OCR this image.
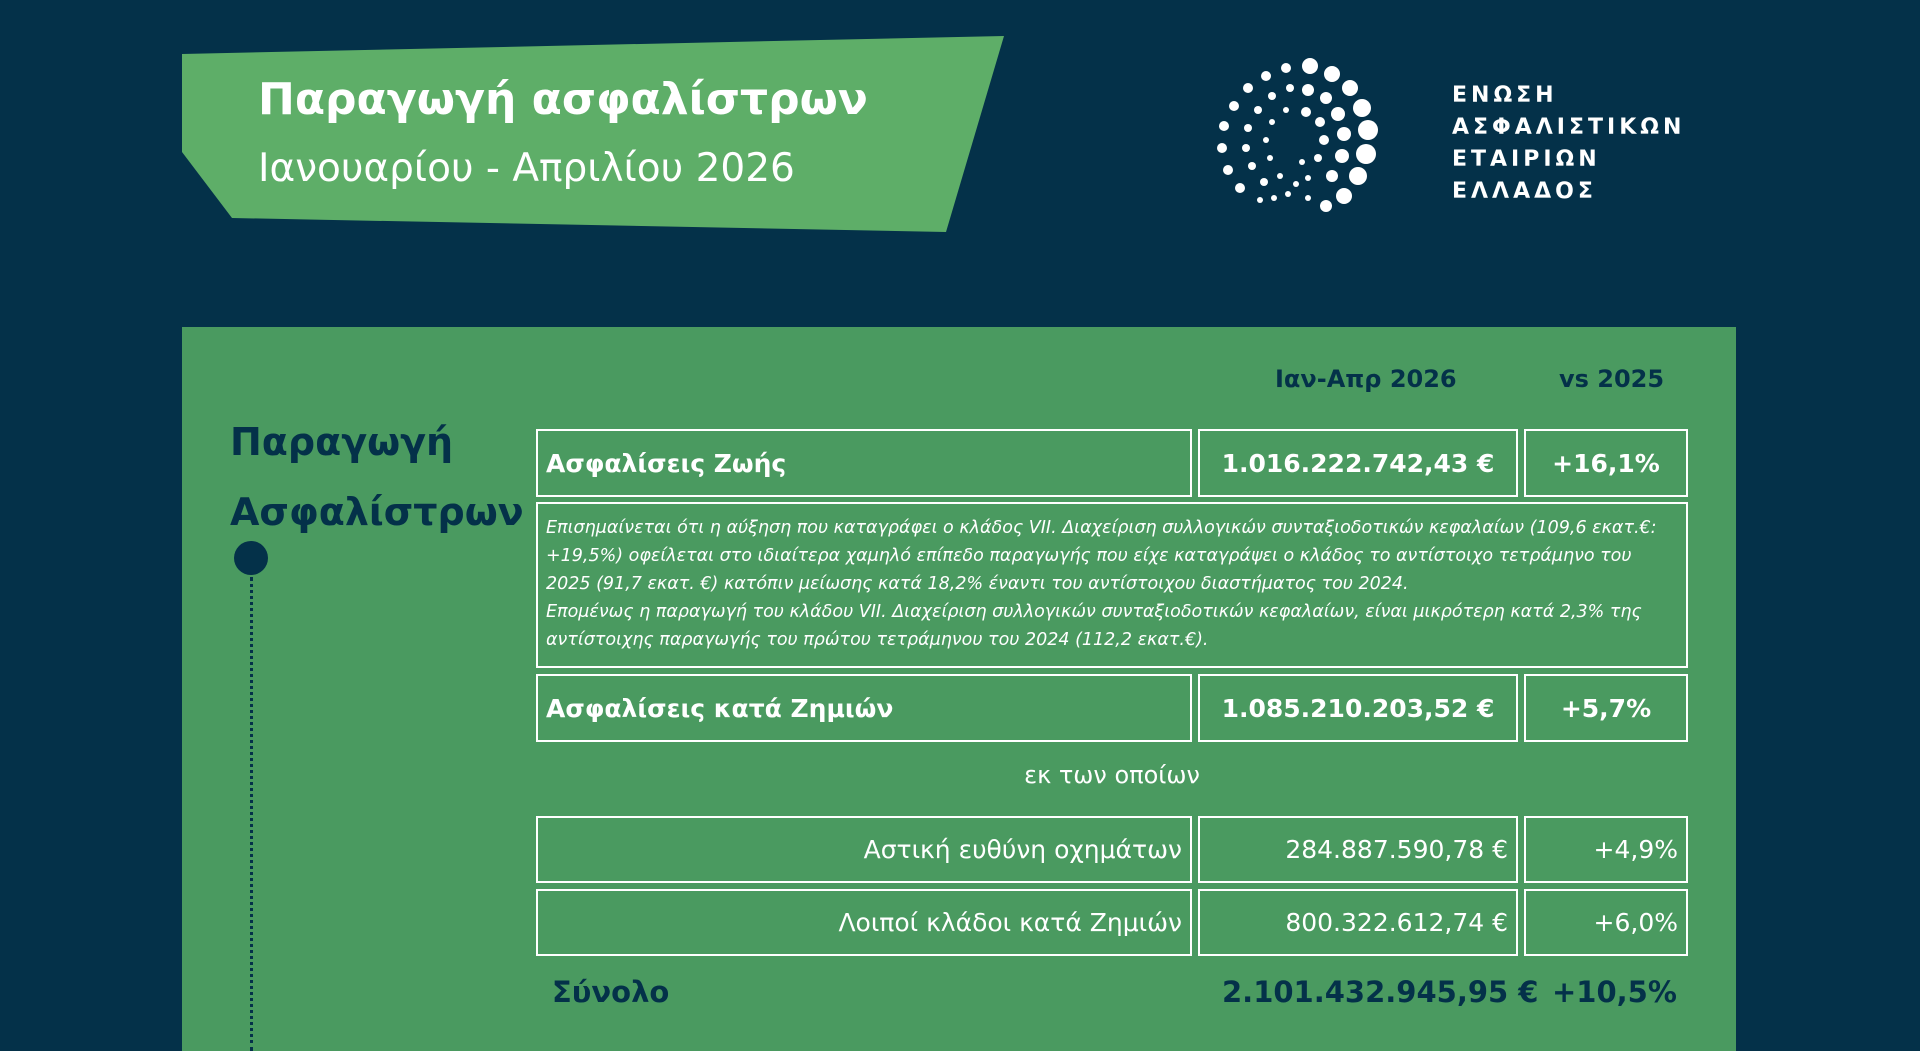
Παραγωγή ασφαλίστρων
Ιανουαρίου - Απριλίου 2026
ΕΝΩΣΗ
ΑΣΦΑΛΙΣΤΙΚΩΝ
ΕΤΑΙΡΙΩΝ
ΕΛΛΑΔΟΣ
Παραγωγή
Ασφαλίστρων
Ιαν-Απρ 2026	vs 2025
Ασφαλίσεις Ζωής	1.016.222.742,43 €	+16,1%

Επισημαίνεται ότι η αύξηση που καταγράφει ο κλάδος VII. Διαχείριση συλλογικών συνταξιοδοτικών κεφαλαίων (109,6 εκατ.€: +19,5%) οφείλεται στο ιδιαίτερα χαμηλό επίπεδο παραγωγής που είχε καταγράψει ο κλάδος το αντίστοιχο τετράμηνο του 2025 (91,7 εκατ. €) κατόπιν μείωσης κατά 18,2% έναντι του αντίστοιχου διαστήματος του 2024.

Επομένως η παραγωγή του κλάδου VII. Διαχείριση συλλογικών συνταξιοδοτικών κεφαλαίων, είναι μικρότερη κατά 2,3% της αντίστοιχης παραγωγής του πρώτου τετράμηνου του 2024 (112,2 εκατ.€).

Ασφαλίσεις κατά Ζημιών	1.085.210.203,52 €	+5,7%
εκ των οποίων
Αστική ευθύνη οχημάτων	284.887.590,78 €	+4,9%
Λοιποί κλάδοι κατά Ζημιών	800.322.612,74 €	+6,0%
Σύνολο	2.101.432.945,95 € +10,5%
